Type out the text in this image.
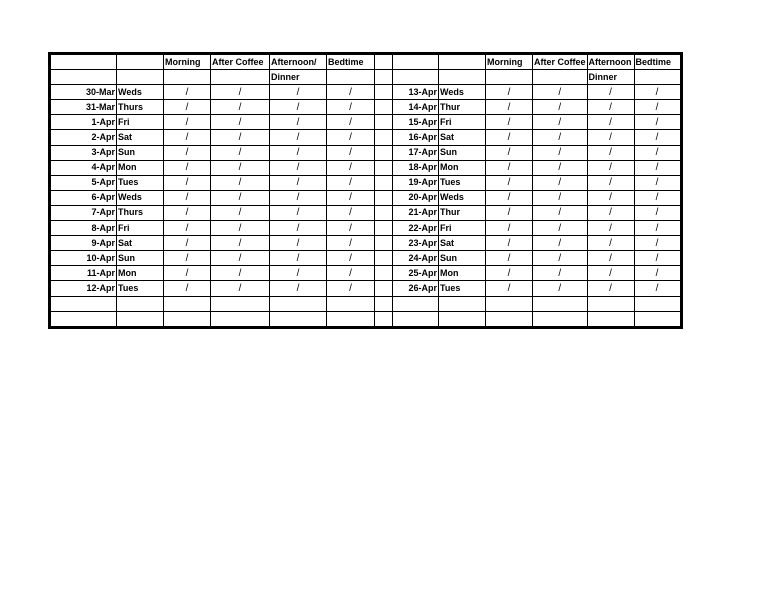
		Morning	After Coffee	Afternoon/	Bedtime				Morning	After Coffee	Afternoon	Bedtime
				Dinner							Dinner	
30-Mar	Weds	/	/	/	/		13-Apr	Weds	/	/	/	/
31-Mar	Thurs	/	/	/	/		14-Apr	Thur	/	/	/	/
1-Apr	Fri	/	/	/	/		15-Apr	Fri	/	/	/	/
2-Apr	Sat	/	/	/	/		16-Apr	Sat	/	/	/	/
3-Apr	Sun	/	/	/	/		17-Apr	Sun	/	/	/	/
4-Apr	Mon	/	/	/	/		18-Apr	Mon	/	/	/	/
5-Apr	Tues	/	/	/	/		19-Apr	Tues	/	/	/	/
6-Apr	Weds	/	/	/	/		20-Apr	Weds	/	/	/	/
7-Apr	Thurs	/	/	/	/		21-Apr	Thur	/	/	/	/
8-Apr	Fri	/	/	/	/		22-Apr	Fri	/	/	/	/
9-Apr	Sat	/	/	/	/		23-Apr	Sat	/	/	/	/
10-Apr	Sun	/	/	/	/		24-Apr	Sun	/	/	/	/
11-Apr	Mon	/	/	/	/		25-Apr	Mon	/	/	/	/
12-Apr	Tues	/	/	/	/		26-Apr	Tues	/	/	/	/
